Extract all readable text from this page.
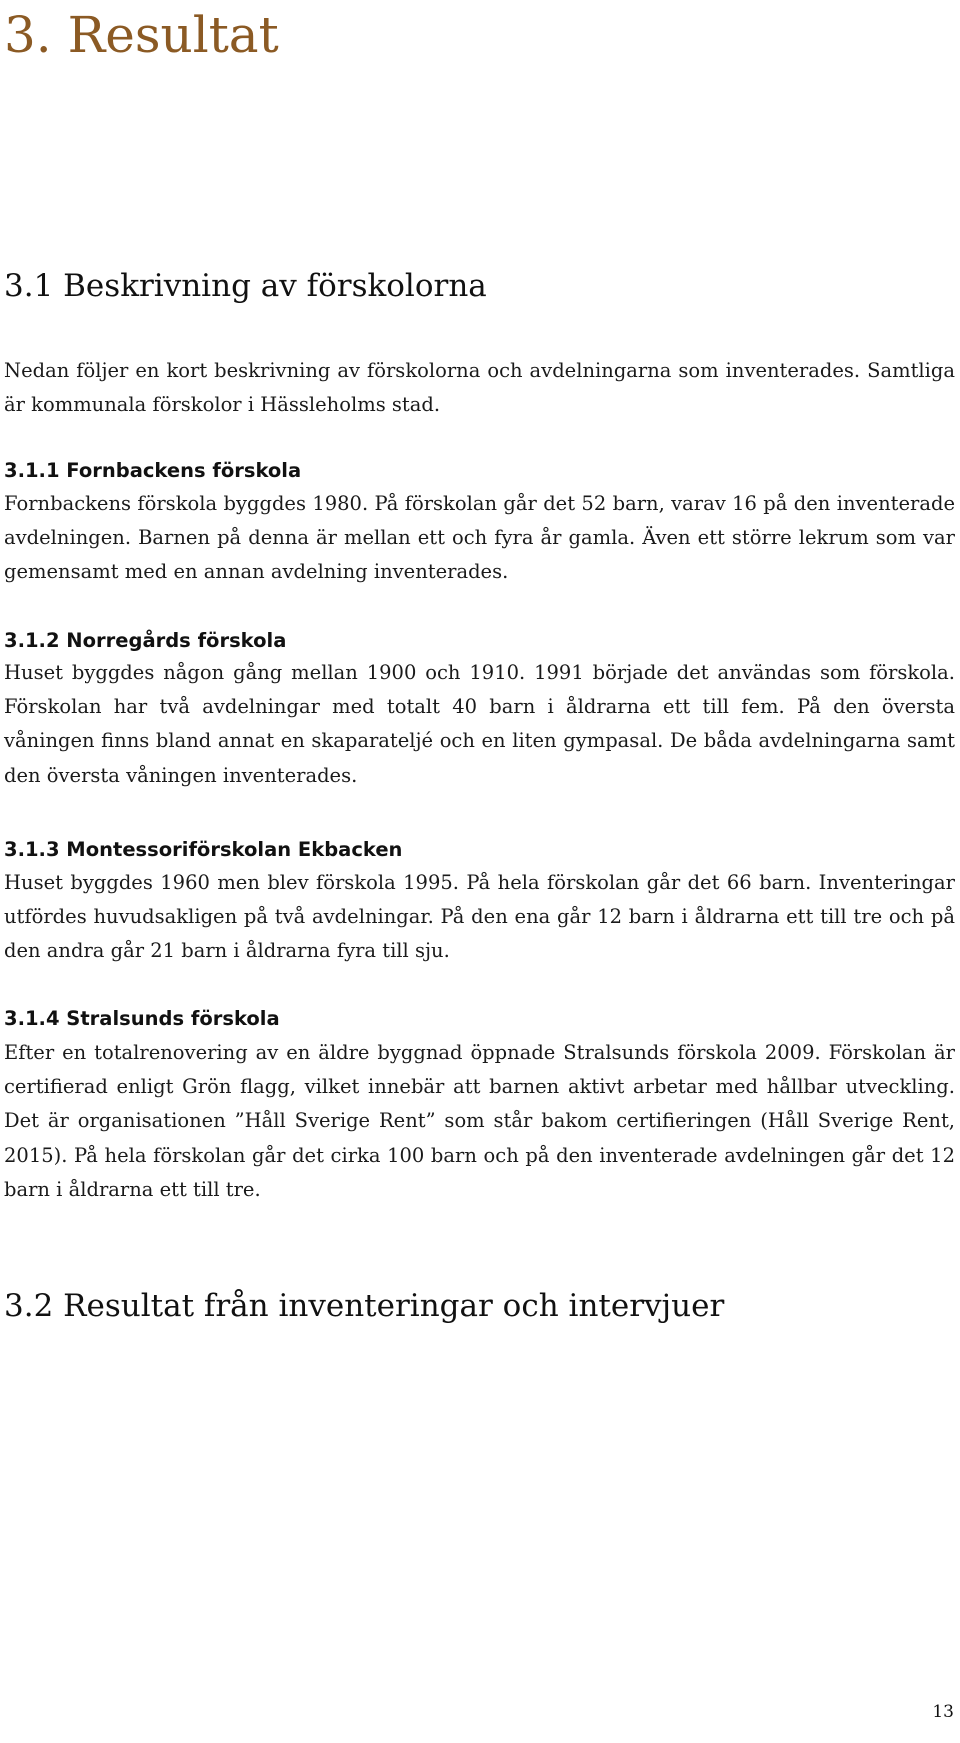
3. Resultat
3.1 Beskrivning av förskolorna

Nedan följer en kort beskrivning av förskolorna och avdelningarna som inventerades. Samtliga är kommunala förskolor i Hässleholms stad.

3.1.1 Fornbackens förskola

Fornbackens förskola byggdes 1980. På förskolan går det 52 barn, varav 16 på den inventerade avdelningen. Barnen på denna är mellan ett och fyra år gamla. Även ett större lekrum som var gemensamt med en annan avdelning inventerades.

3.1.2 Norregårds förskola

Huset byggdes någon gång mellan 1900 och 1910. 1991 började det användas som förskola. Förskolan har två avdelningar med totalt 40 barn i åldrarna ett till fem. På den översta våningen finns bland annat en skaparateljé och en liten gympasal. De båda avdelningarna samt den översta våningen inventerades.

3.1.3 Montessoriförskolan Ekbacken

Huset byggdes 1960 men blev förskola 1995. På hela förskolan går det 66 barn. Inventeringar utfördes huvudsakligen på två avdelningar. På den ena går 12 barn i åldrarna ett till tre och på den andra går 21 barn i åldrarna fyra till sju.

3.1.4 Stralsunds förskola

Efter en totalrenovering av en äldre byggnad öppnade Stralsunds förskola 2009. Förskolan är certifierad enligt Grön flagg, vilket innebär att barnen aktivt arbetar med hållbar utveckling. Det är organisationen ”Håll Sverige Rent” som står bakom certifieringen (Håll Sverige Rent, 2015). På hela förskolan går det cirka 100 barn och på den inventerade avdelningen går det 12 barn i åldrarna ett till tre.

3.2 Resultat från inventeringar och intervjuer
13
